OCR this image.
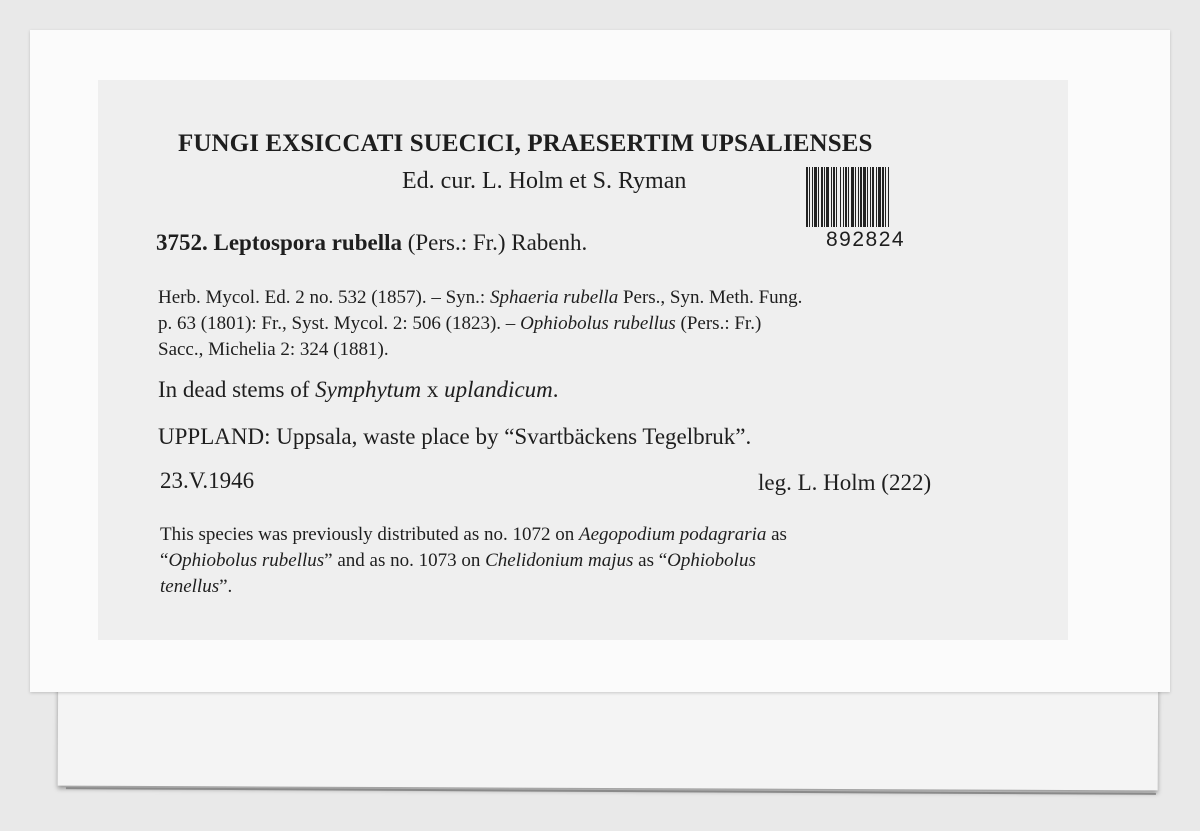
FUNGI EXSICCATI SUECICI, PRAESERTIM UPSALIENSES
Ed. cur. L. Holm et S. Ryman
892824
3752. Leptospora rubella (Pers.: Fr.) Rabenh.

Herb. Mycol. Ed. 2 no. 532 (1857). – Syn.: Sphaeria rubella Pers., Syn. Meth. Fung.

p. 63 (1801): Fr., Syst. Mycol. 2: 506 (1823). – Ophiobolus rubellus (Pers.: Fr.)

Sacc., Michelia 2: 324 (1881).

In dead stems of Symphytum x uplandicum.
UPPLAND: Uppsala, waste place by “Svartbäckens Tegelbruk”.
23.V.1946	leg. L. Holm (222)

This species was previously distributed as no. 1072 on Aegopodium podagraria as

“Ophiobolus rubellus” and as no. 1073 on Chelidonium majus as “Ophiobolus

tenellus”.
